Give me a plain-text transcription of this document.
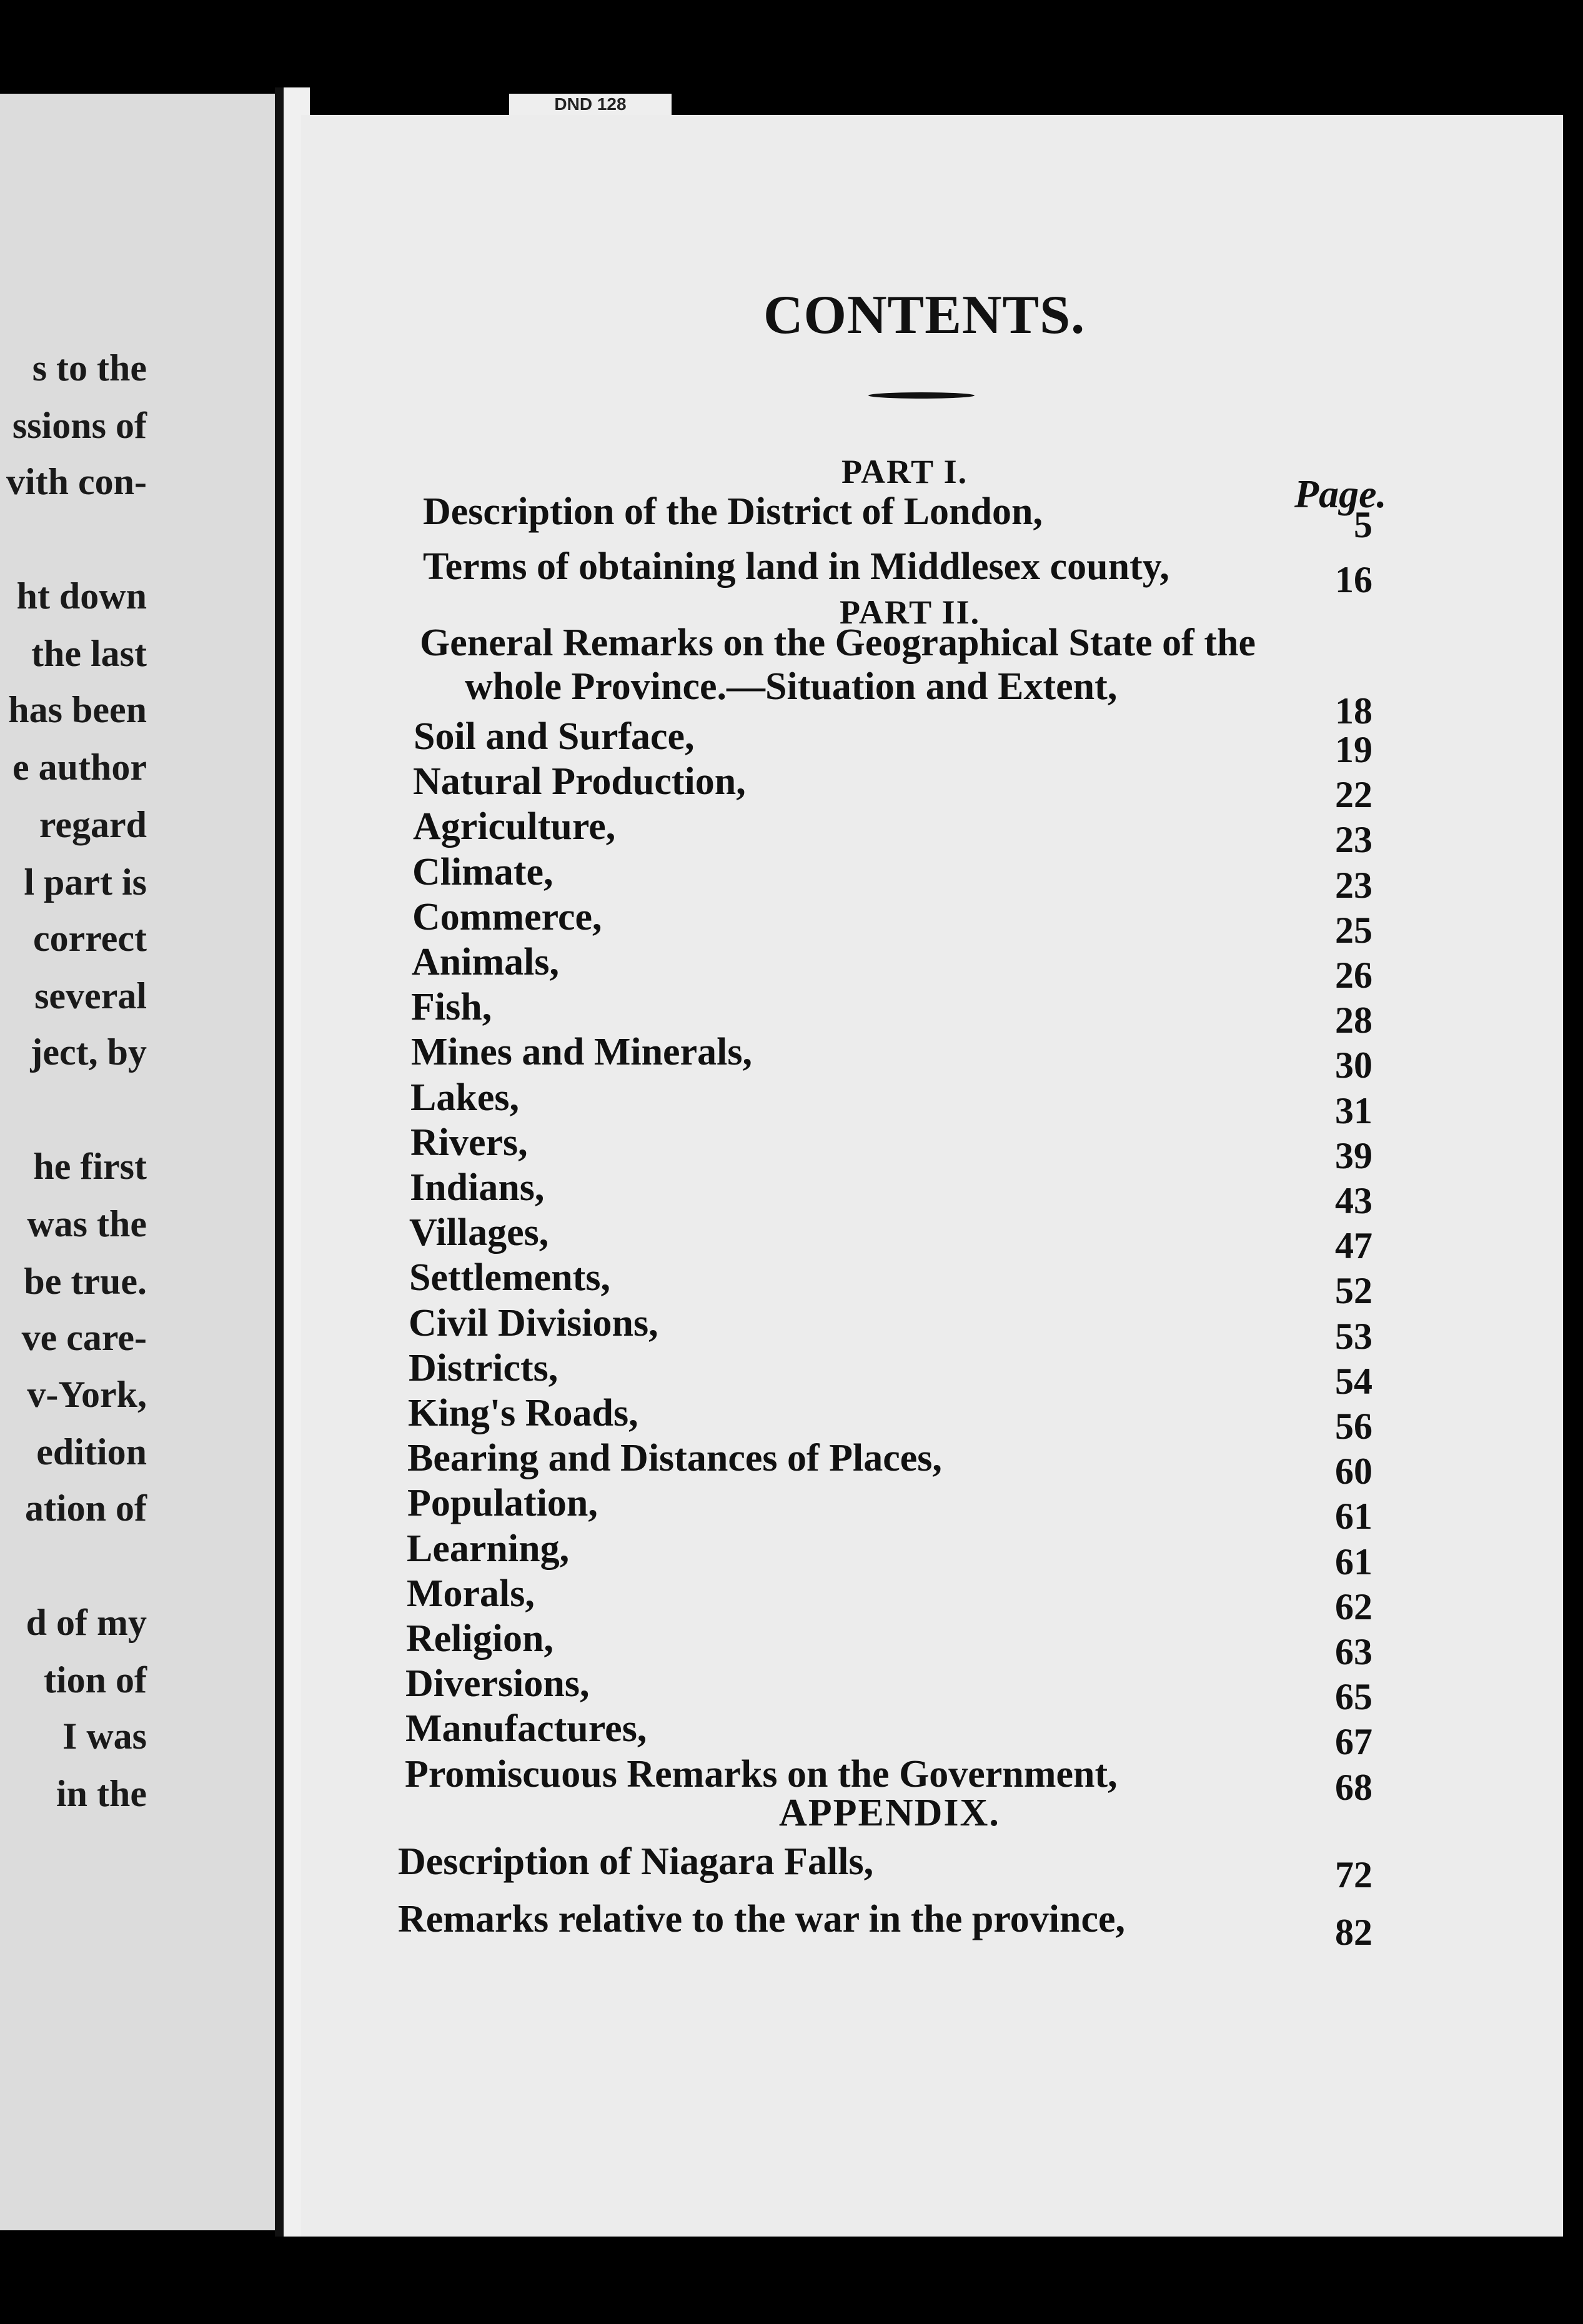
s to the
ssions of
vith con-
ht down
the last
has been
e author
regard
l part is
correct
several
ject, by
he first
was the
be true.
ve care-
v-York,
edition
ation of
d of my
tion of
I was
in the
DND 128
CONTENTS.
PART I.	Page.
Description of the District of London,	5
Terms of obtaining land in Middlesex county,	16
PART II.
General Remarks on the Geographical State of the
whole Province.—Situation and Extent,
18
Soil and Surface,	19
Natural Production,	22
Agriculture,	23
Climate,	23
Commerce,	25
Animals,	26
Fish,	28
Mines and Minerals,	30
Lakes,	31
Rivers,	39
Indians,	43
Villages,	47
Settlements,	52
Civil Divisions,	53
Districts,	54
King's Roads,	56
Bearing and Distances of Places,	60
Population,	61
Learning,	61
Morals,	62
Religion,	63
Diversions,	65
Manufactures,	67
Promiscuous Remarks on the Government,	68
APPENDIX.
Description of Niagara Falls,	72
Remarks relative to the war in the province,	82
